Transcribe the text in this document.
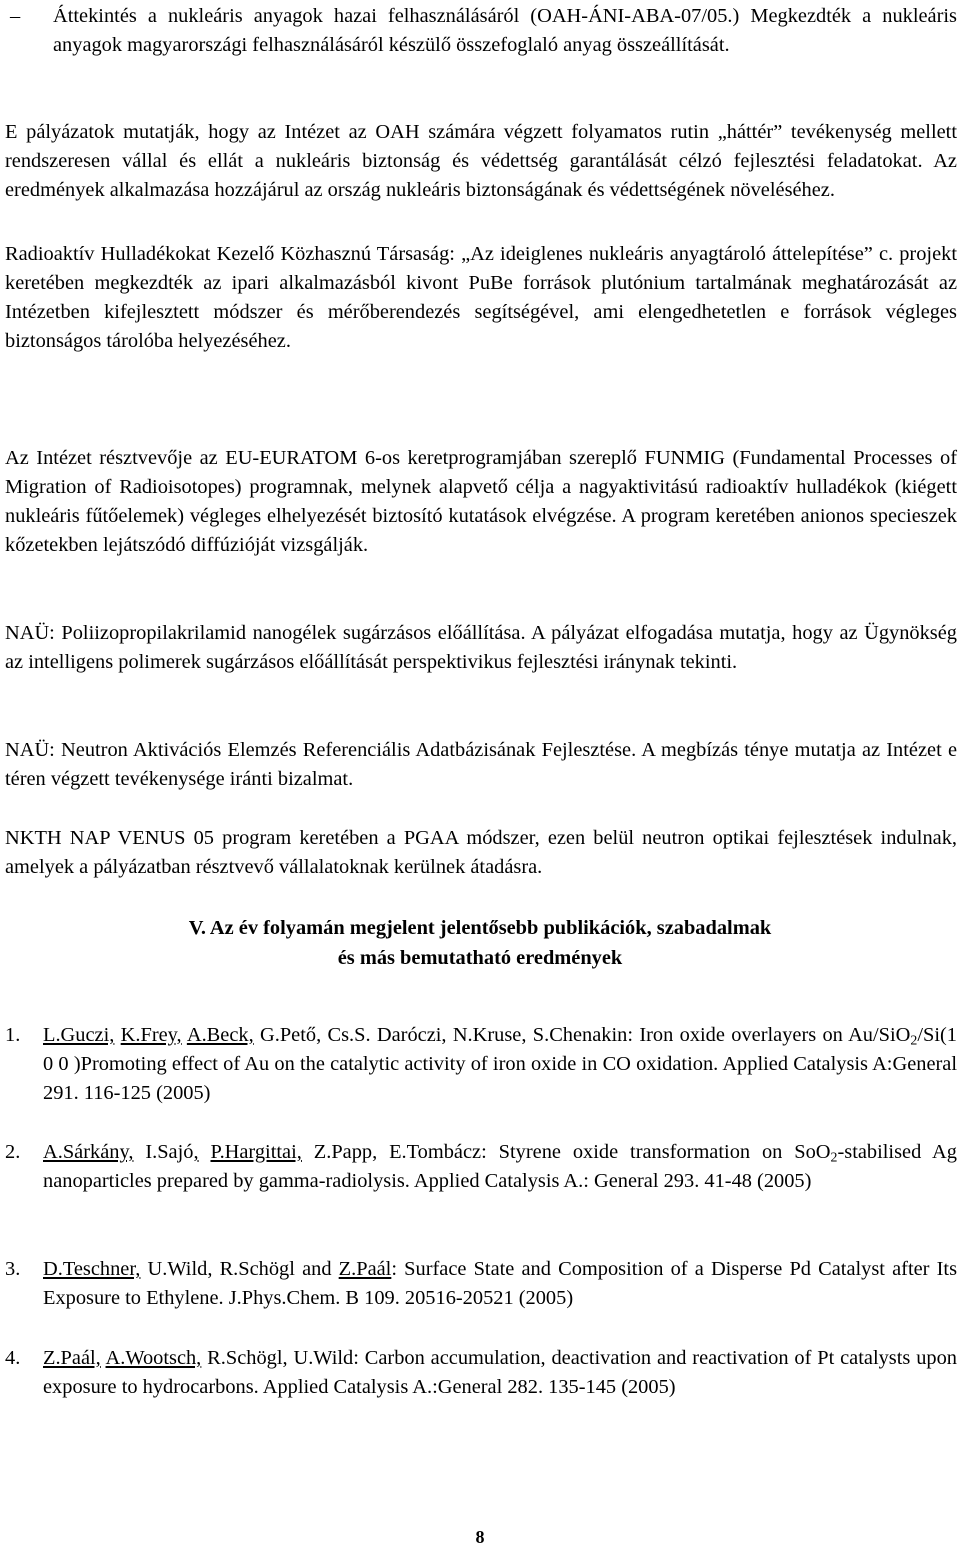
–	Áttekintés a nukleáris anyagok hazai felhasználásáról (OAH-ÁNI-ABA-07/05.) Megkezdték a nukleáris anyagok magyarországi felhasználásáról készülő összefoglaló anyag összeállítását.

E pályázatok mutatják, hogy az Intézet az OAH számára végzett folyamatos rutin „háttér” tevékenység mellett rendszeresen vállal és ellát a nukleáris biztonság és védettség garantálását célzó fejlesztési feladatokat. Az eredmények alkalmazása hozzájárul az ország nukleáris biztonságának és védettségének növeléséhez.

Radioaktív Hulladékokat Kezelő Közhasznú Társaság: „Az ideiglenes nukleáris anyagtároló áttelepítése” c. projekt keretében megkezdték az ipari alkalmazásból kivont PuBe források plutónium tartalmának meghatározását az Intézetben kifejlesztett módszer és mérőberendezés segítségével, ami elengedhetetlen e források végleges biztonságos tárolóba helyezéséhez.

Az Intézet résztvevője az EU-EURATOM 6-os keretprogramjában szereplő FUNMIG (Fundamental Processes of Migration of Radioisotopes) programnak, melynek alapvető célja a nagyaktivitású radioaktív hulladékok (kiégett nukleáris fűtőelemek) végleges elhelyezését biztosító kutatások elvégzése. A program keretében anionos specieszek kőzetekben lejátszódó diffúzióját vizsgálják.

NAÜ: Poliizopropilakrilamid nanogélek sugárzásos előállítása. A pályázat elfogadása mutatja, hogy az Ügynökség az intelligens polimerek sugárzásos előállítását perspektivikus fejlesztési iránynak tekinti.

NAÜ: Neutron Aktivációs Elemzés Referenciális Adatbázisának Fejlesztése. A megbízás ténye mutatja az Intézet e téren végzett tevékenysége iránti bizalmat.

NKTH NAP VENUS 05 program keretében a PGAA módszer, ezen belül neutron optikai fejlesztések indulnak, amelyek a pályázatban résztvevő vállalatoknak kerülnek átadásra.

V. Az év folyamán megjelent jelentősebb publikációk, szabadalmak
és más bemutatható eredmények
1. L.Guczi, K.Frey, A.Beck, G.Pető, Cs.S. Daróczi, N.Kruse, S.Chenakin: Iron oxide overlayers on Au/SiO$_2$/Si(1 0 0 )Promoting effect of Au on the catalytic activity of iron oxide in CO oxidation. Applied Catalysis A:General 291. 116-125 (2005)
2. A.Sárkány, I.Sajó, P.Hargittai, Z.Papp, E.Tombácz: Styrene oxide transformation on SoO$_2$-stabilised Ag nanoparticles prepared by gamma-radiolysis. Applied Catalysis A.: General 293. 41-48 (2005)
3. D.Teschner, U.Wild, R.Schögl and Z.Paál: Surface State and Composition of a Disperse Pd Catalyst after Its Exposure to Ethylene. J.Phys.Chem. B 109. 20516-20521 (2005)
4. Z.Paál, A.Wootsch, R.Schögl, U.Wild: Carbon accumulation, deactivation and reactivation of Pt catalysts upon exposure to hydrocarbons. Applied Catalysis A.:General 282. 135-145 (2005)
8
